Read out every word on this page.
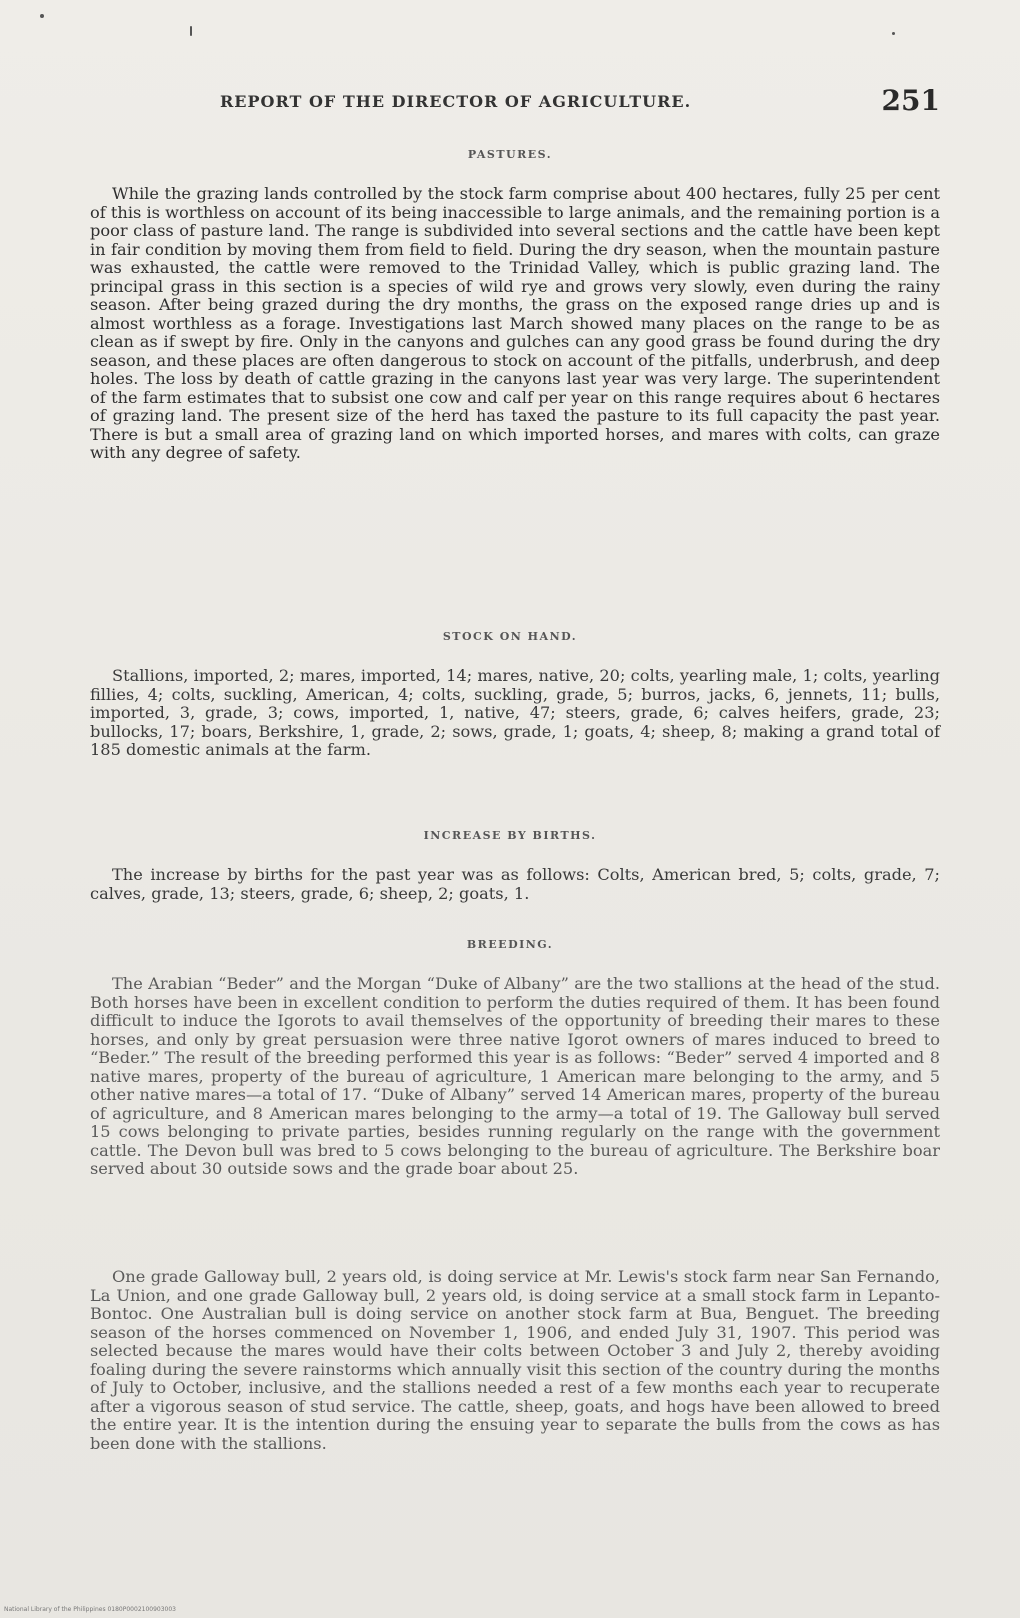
REPORT OF THE DIRECTOR OF AGRICULTURE.	251
PASTURES.

While the grazing lands controlled by the stock farm comprise about 400 hectares, fully 25 per cent of this is worthless on account of its being inaccessible to large animals, and the remaining portion is a poor class of pasture land. The range is subdivided into several sections and the cattle have been kept in fair condition by moving them from field to field. During the dry season, when the mountain pasture was exhausted, the cattle were removed to the Trinidad Valley, which is public grazing land. The principal grass in this section is a species of wild rye and grows very slowly, even during the rainy season. After being grazed during the dry months, the grass on the exposed range dries up and is almost worthless as a forage. Investigations last March showed many places on the range to be as clean as if swept by fire. Only in the canyons and gulches can any good grass be found during the dry season, and these places are often dangerous to stock on account of the pitfalls, underbrush, and deep holes. The loss by death of cattle grazing in the canyons last year was very large. The superintendent of the farm estimates that to subsist one cow and calf per year on this range requires about 6 hectares of grazing land. The present size of the herd has taxed the pasture to its full capacity the past year. There is but a small area of grazing land on which imported horses, and mares with colts, can graze with any degree of safety.

STOCK ON HAND.

Stallions, imported, 2; mares, imported, 14; mares, native, 20; colts, yearling male, 1; colts, yearling fillies, 4; colts, suckling, American, 4; colts, suckling, grade, 5; burros, jacks, 6, jennets, 11; bulls, imported, 3, grade, 3; cows, imported, 1, native, 47; steers, grade, 6; calves heifers, grade, 23; bullocks, 17; boars, Berkshire, 1, grade, 2; sows, grade, 1; goats, 4; sheep, 8; making a grand total of 185 domestic animals at the farm.

INCREASE BY BIRTHS.

The increase by births for the past year was as follows: Colts, American bred, 5; colts, grade, 7; calves, grade, 13; steers, grade, 6; sheep, 2; goats, 1.

BREEDING.

The Arabian “Beder” and the Morgan “Duke of Albany” are the two stallions at the head of the stud. Both horses have been in excellent condition to perform the duties required of them. It has been found difficult to induce the Igorots to avail themselves of the opportunity of breeding their mares to these horses, and only by great persuasion were three native Igorot owners of mares induced to breed to “Beder.” The result of the breeding performed this year is as follows: “Beder” served 4 imported and 8 native mares, property of the bureau of agriculture, 1 American mare belonging to the army, and 5 other native mares—a total of 17. “Duke of Albany” served 14 American mares, property of the bureau of agriculture, and 8 American mares belonging to the army—a total of 19. The Galloway bull served 15 cows belonging to private parties, besides running regularly on the range with the government cattle. The Devon bull was bred to 5 cows belonging to the bureau of agriculture. The Berkshire boar served about 30 outside sows and the grade boar about 25.

One grade Galloway bull, 2 years old, is doing service at Mr. Lewis's stock farm near San Fernando, La Union, and one grade Galloway bull, 2 years old, is doing service at a small stock farm in Lepanto-Bontoc. One Australian bull is doing service on another stock farm at Bua, Benguet. The breeding season of the horses commenced on November 1, 1906, and ended July 31, 1907. This period was selected because the mares would have their colts between October 3 and July 2, thereby avoiding foaling during the severe rainstorms which annually visit this section of the country during the months of July to October, inclusive, and the stallions needed a rest of a few months each year to recuperate after a vigorous season of stud service. The cattle, sheep, goats, and hogs have been allowed to breed the entire year. It is the intention during the ensuing year to separate the bulls from the cows as has been done with the stallions.

National Library of the Philippines 0180P0002100903003
